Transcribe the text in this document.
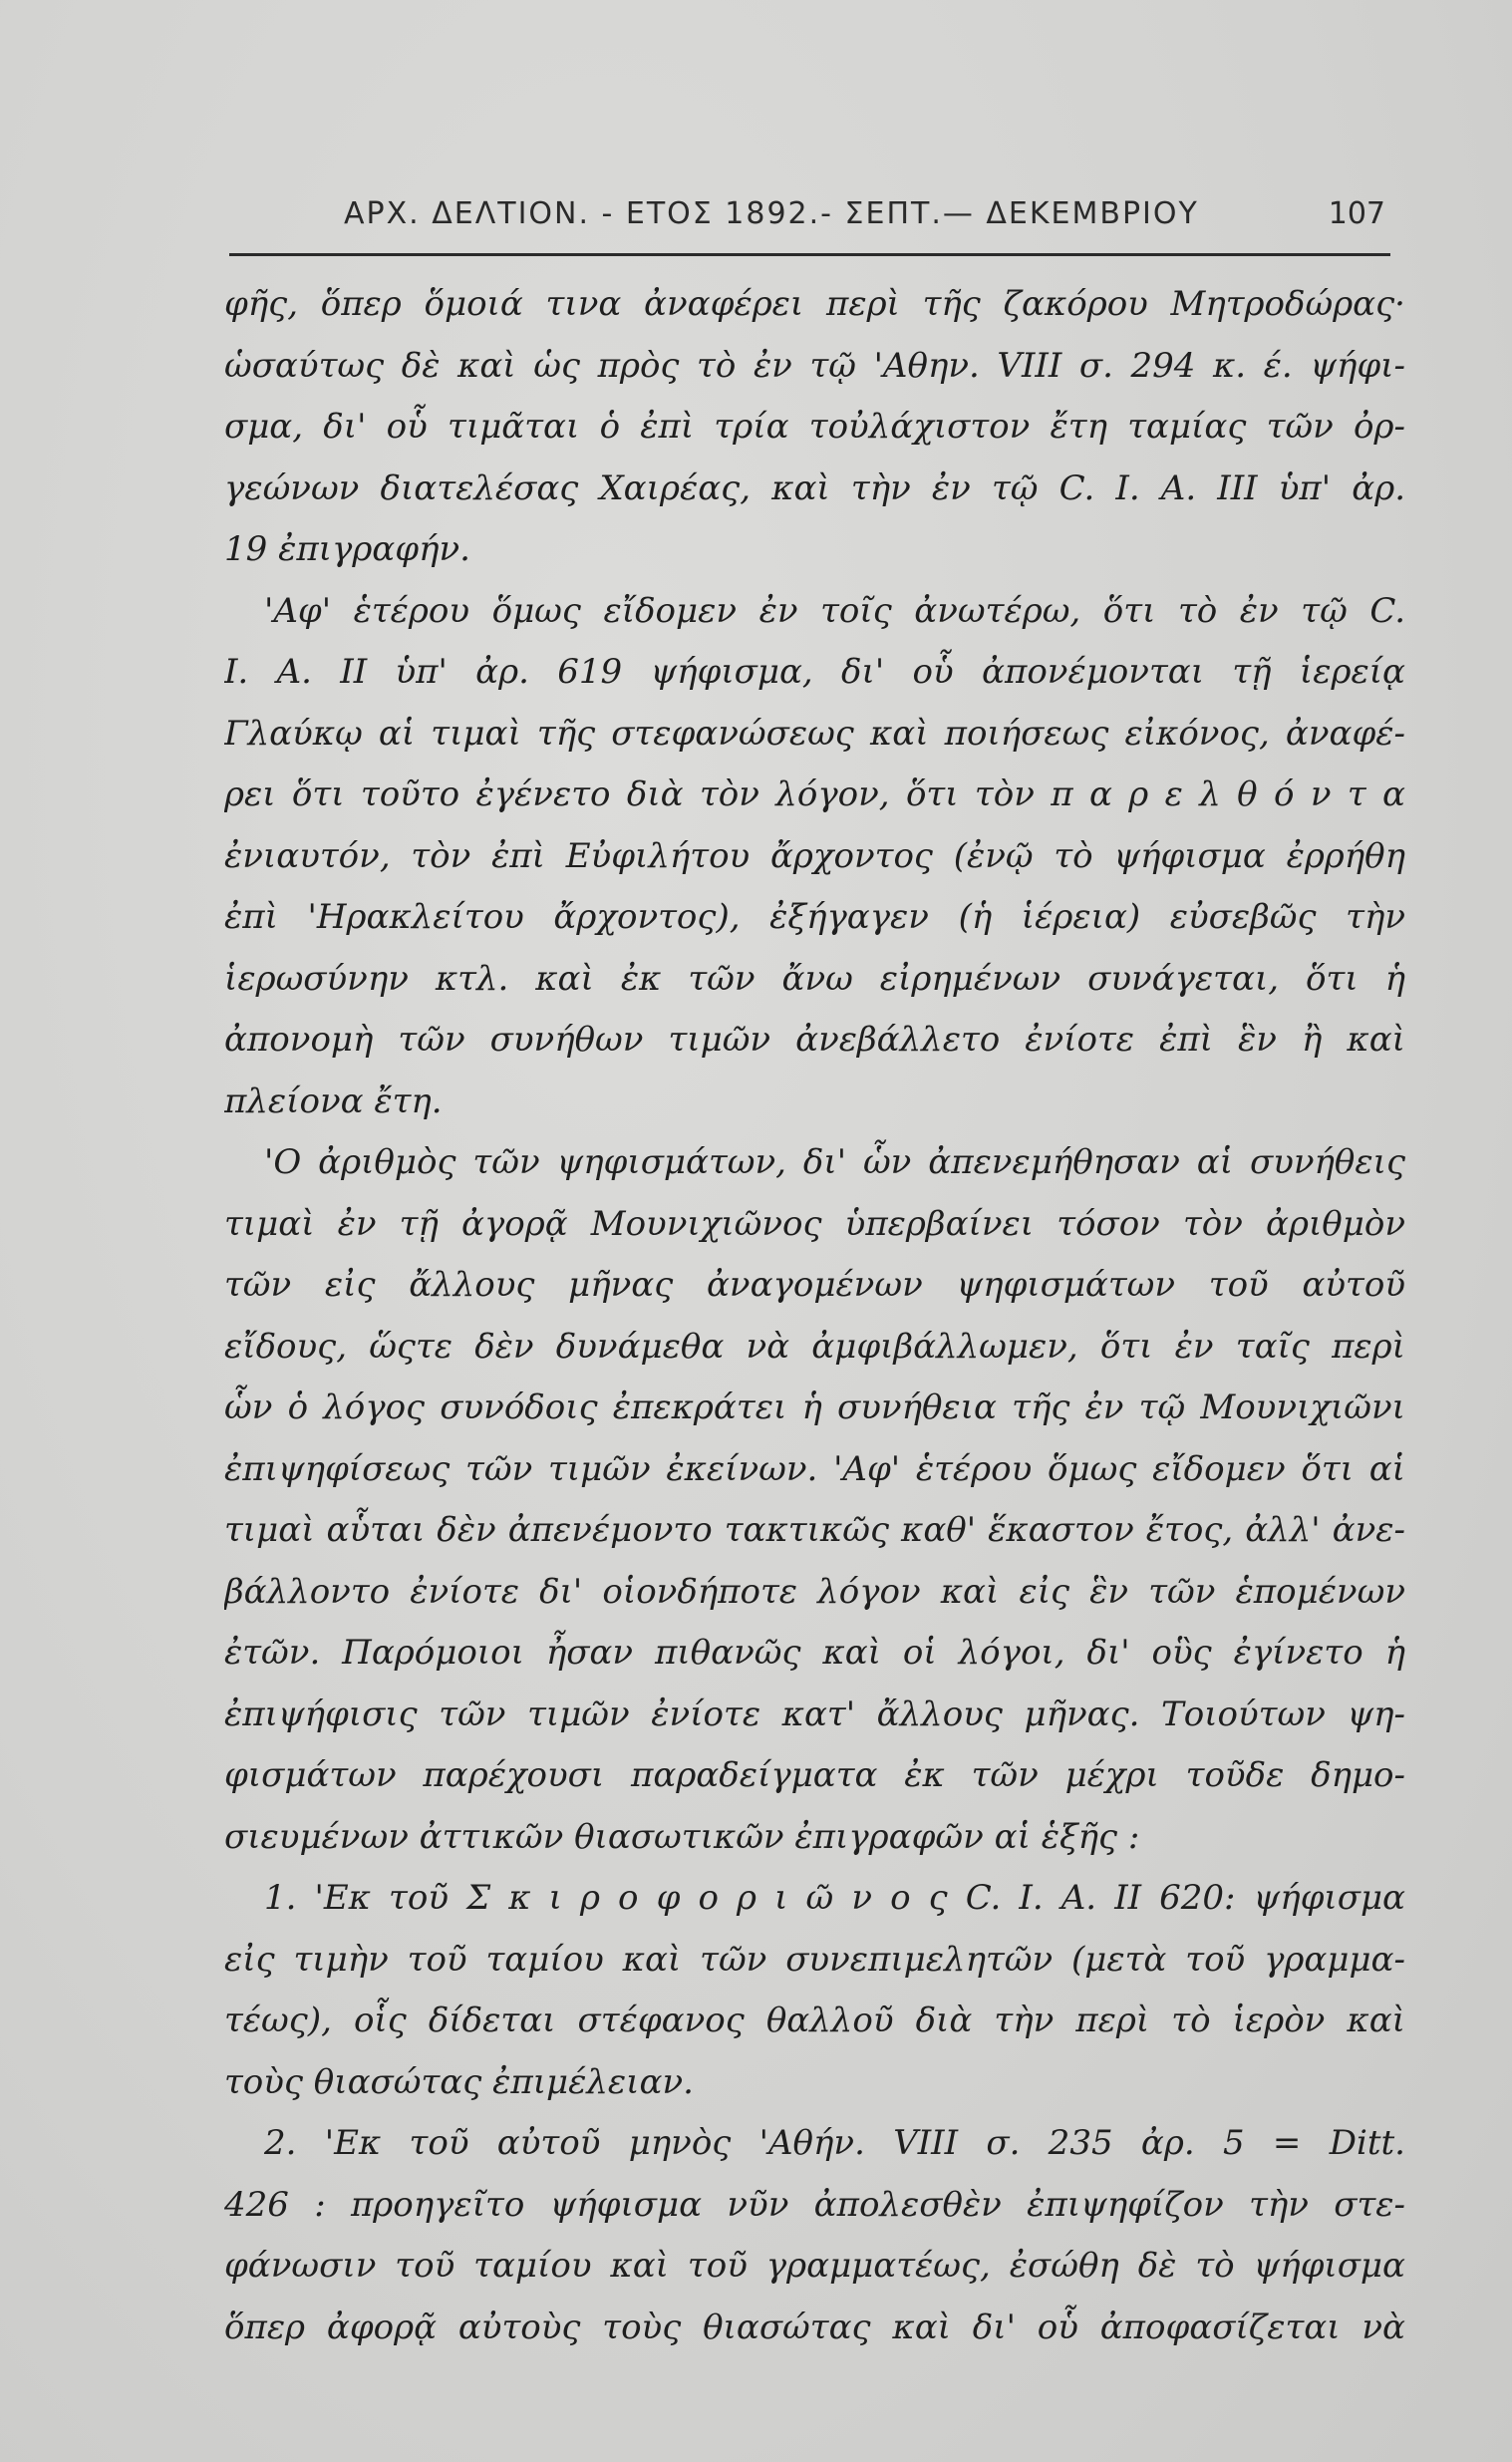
ΑΡΧ. ΔΕΛΤΙΟΝ. - ΕΤΟΣ 1892.- ΣΕΠΤ.— ΔΕΚΕΜΒΡΙΟΥ	107
φῆς, ὅπερ ὅμοιά τινα ἀναφέρει περὶ τῆς ζακόρου Μητροδώρας·
ὡσαύτως δὲ καὶ ὡς πρὸς τὸ ἐν τῷ 'Αθην. VIII σ. 294 κ. έ. ψήφι-
σμα, δι' οὗ τιμᾶται ὁ ἐπὶ τρία τοὐλάχιστον ἔτη ταμίας τῶν ὀρ-
γεώνων διατελέσας Χαιρέας, καὶ τὴν ἐν τῷ C. I. A. III ὑπ' ἀρ.
19 ἐπιγραφήν.
'Αφ' ἑτέρου ὅμως εἴδομεν ἐν τοῖς ἀνωτέρω, ὅτι τὸ ἐν τῷ C.
I. A. II ὑπ' ἀρ. 619 ψήφισμα, δι' οὗ ἀπονέμονται τῇ ἱερείᾳ
Γλαύκῳ αἱ τιμαὶ τῆς στεφανώσεως καὶ ποιήσεως εἰκόνος, ἀναφέ-
ρει ὅτι τοῦτο ἐγένετο διὰ τὸν λόγον, ὅτι τὸν π α ρ ε λ θ ό ν τ α
ἐνιαυτόν, τὸν ἐπὶ Εὐφιλήτου ἄρχοντος (ἐνῷ τὸ ψήφισμα ἐρρήθη
ἐπὶ 'Ηρακλείτου ἄρχοντος), ἐξήγαγεν (ἡ ἱέρεια) εὐσεβῶς τὴν
ἱερωσύνην κτλ. καὶ ἐκ τῶν ἄνω εἰρημένων συνάγεται, ὅτι ἡ
ἀπονομὴ τῶν συνήθων τιμῶν ἀνεβάλλετο ἐνίοτε ἐπὶ ἓν ἢ καὶ
πλείονα ἔτη.
'Ο ἀριθμὸς τῶν ψηφισμάτων, δι' ὧν ἀπενεμήθησαν αἱ συνήθεις
τιμαὶ ἐν τῇ ἀγορᾷ Μουνιχιῶνος ὑπερβαίνει τόσον τὸν ἀριθμὸν
τῶν εἰς ἄλλους μῆνας ἀναγομένων ψηφισμάτων τοῦ αὐτοῦ
εἴδους, ὥςτε δὲν δυνάμεθα νὰ ἀμφιβάλλωμεν, ὅτι ἐν ταῖς περὶ
ὧν ὁ λόγος συνόδοις ἐπεκράτει ἡ συνήθεια τῆς ἐν τῷ Μουνιχιῶνι
ἐπιψηφίσεως τῶν τιμῶν ἐκείνων. 'Αφ' ἑτέρου ὅμως εἴδομεν ὅτι αἱ
τιμαὶ αὗται δὲν ἀπενέμοντο τακτικῶς καθ' ἕκαστον ἔτος, ἀλλ' ἀνε-
βάλλοντο ἐνίοτε δι' οἱονδήποτε λόγον καὶ εἰς ἓν τῶν ἑπομένων
ἐτῶν. Παρόμοιοι ἦσαν πιθανῶς καὶ οἱ λόγοι, δι' οὓς ἐγίνετο ἡ
ἐπιψήφισις τῶν τιμῶν ἐνίοτε κατ' ἄλλους μῆνας. Τοιούτων ψη-
φισμάτων παρέχουσι παραδείγματα ἐκ τῶν μέχρι τοῦδε δημο-
σιευμένων ἀττικῶν θιασωτικῶν ἐπιγραφῶν αἱ ἑξῆς :
1. 'Εκ τοῦ Σ κ ι ρ ο φ ο ρ ι ῶ ν ο ς C. I. A. II 620: ψήφισμα
εἰς τιμὴν τοῦ ταμίου καὶ τῶν συνεπιμελητῶν (μετὰ τοῦ γραμμα-
τέως), οἷς δίδεται στέφανος θαλλοῦ διὰ τὴν περὶ τὸ ἱερὸν καὶ
τοὺς θιασώτας ἐπιμέλειαν.
2. 'Εκ τοῦ αὐτοῦ μηνὸς 'Αθήν. VIII σ. 235 ἀρ. 5 = Ditt.
426 : προηγεῖτο ψήφισμα νῦν ἀπολεσθὲν ἐπιψηφίζον τὴν στε-
φάνωσιν τοῦ ταμίου καὶ τοῦ γραμματέως, ἐσώθη δὲ τὸ ψήφισμα
ὅπερ ἀφορᾷ αὐτοὺς τοὺς θιασώτας καὶ δι' οὗ ἀποφασίζεται νὰ
